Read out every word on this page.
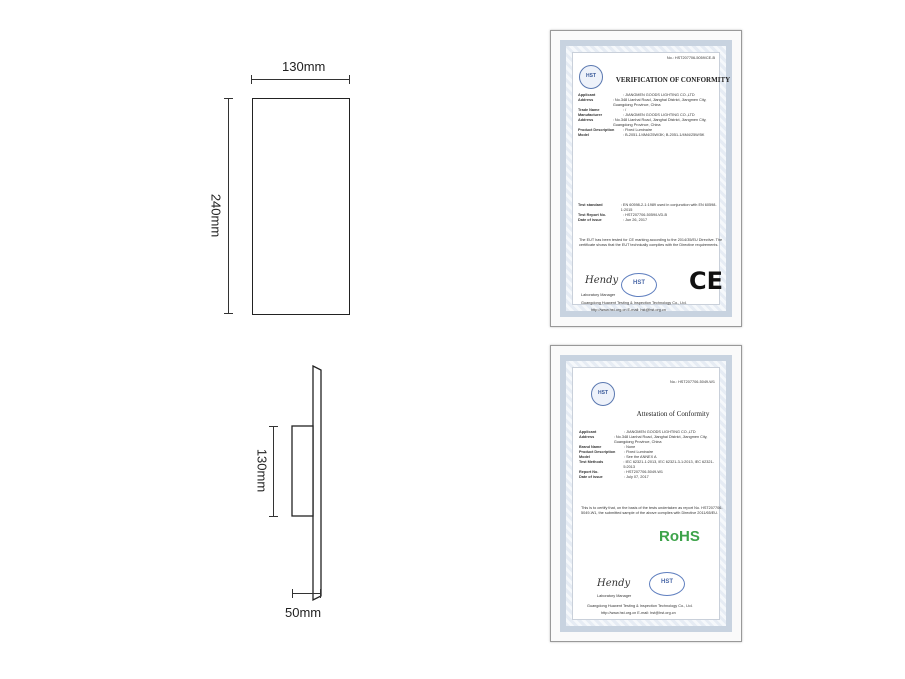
130mm
240mm
130mm
50mm
No.: HST207706-5059/CE-B
HST	VERIFICATION OF CONFORMITY
Applicant	: JIANGMEN GOODS LIGHTING CO.,LTD
Address	: No.348 Lianhai Road, Jianghai District, Jiangmen City, Guangdong Province, China
Trade Name	: /
Manufacturer	: JIANGMEN GOODS LIGHTING CO.,LTD
Address	: No.348 Lianhai Road, Jianghai District, Jiangmen City, Guangdong Province, China
Product Description	: Fixed Luminaire
Model	: B-2051-1/4M4/25W/3K; B-2051-1/4M4/25W/5K
Test standard	: EN 60598-2-1:1989 used in conjunction with EN 60598-1:2015
Test Report No.	: HST207706-5059/LVD-B
Date of issue	: Jun 26, 2017
The EUT has been tested for CE marking according to the 2014/35/EU Directive. The certificate shows that the EUT technically complies with the Directive requirements.
Hendy	HST	CE
Laboratory Manager
Guangdong Huaxent Testing & Inspection Technology Co., Ltd.
http://www.hst-org.cn E-mail: hst@hst.org.cn
No.: HST207706-5049-W1
HST
Attestation of Conformity
Applicant	: JIANGMEN GOODS LIGHTING CO.,LTD
Address	: No.348 Lianhai Road, Jianghai District, Jiangmen City, Guangdong Province, China
Brand Name	: None
Product Description	: Fixed Luminaire
Model	: See the ANNEX A
Test Methods	: IEC 62321-1:2013, IEC 62321-3-1:2013, IEC 62321-5:2013
Report No.	: HST207706-5049-W1
Date of issue	: July 07, 2017
This is to certify that, on the basis of the tests undertaken as report No. HST207706-5049-W1, the submitted sample of the above complies with Directive 2011/65/EU.
RoHS
Hendy	HST
Laboratory Manager
Guangdong Huaxent Testing & Inspection Technology Co., Ltd.
http://www.hst.org.cn E-mail: hst@hst.org.cn
